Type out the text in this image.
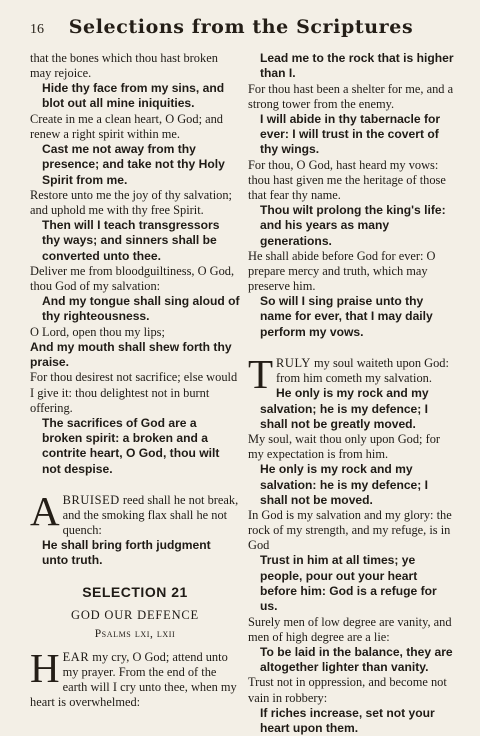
16	Selections from the Scriptures

that the bones which thou hast broken may rejoice.

Hide thy face from my sins, and blot out all mine iniquities.

Create in me a clean heart, O God; and renew a right spirit within me.

Cast me not away from thy presence; and take not thy Holy Spirit from me.

Restore unto me the joy of thy salvation; and uphold me with thy free Spirit.

Then will I teach transgressors thy ways; and sinners shall be converted unto thee.

Deliver me from bloodguiltiness, O God, thou God of my salvation:

And my tongue shall sing aloud of thy righteousness.

O Lord, open thou my lips;

And my mouth shall shew forth thy praise.

For thou desirest not sacrifice; else would I give it: thou delightest not in burnt offering.

The sacrifices of God are a broken spirit: a broken and a contrite heart, O God, thou wilt not despise.

ABRUISED reed shall he not break, and the smoking flax shall he not quench:

He shall bring forth judgment unto truth.

SELECTION 21
GOD OUR DEFENCE
Psalms lxi, lxii

HEAR my cry, O God; attend unto my prayer. From the end of the earth will I cry unto thee, when my heart is overwhelmed:

Lead me to the rock that is higher than I.

For thou hast been a shelter for me, and a strong tower from the enemy.

I will abide in thy tabernacle for ever: I will trust in the covert of thy wings.

For thou, O God, hast heard my vows: thou hast given me the heritage of those that fear thy name.

Thou wilt prolong the king's life: and his years as many generations.

He shall abide before God for ever: O prepare mercy and truth, which may preserve him.

So will I sing praise unto thy name for ever, that I may daily perform my vows.

TRULY my soul waiteth upon God: from him cometh my salvation.

He only is my rock and my salvation; he is my defence; I shall not be greatly moved.

My soul, wait thou only upon God; for my expectation is from him.

He only is my rock and my salvation: he is my defence; I shall not be moved.

In God is my salvation and my glory: the rock of my strength, and my refuge, is in God

Trust in him at all times; ye people, pour out your heart before him: God is a refuge for us.

Surely men of low degree are vanity, and men of high degree are a lie:

To be laid in the balance, they are altogether lighter than vanity.

Trust not in oppression, and become not vain in robbery:

If riches increase, set not your heart upon them.
